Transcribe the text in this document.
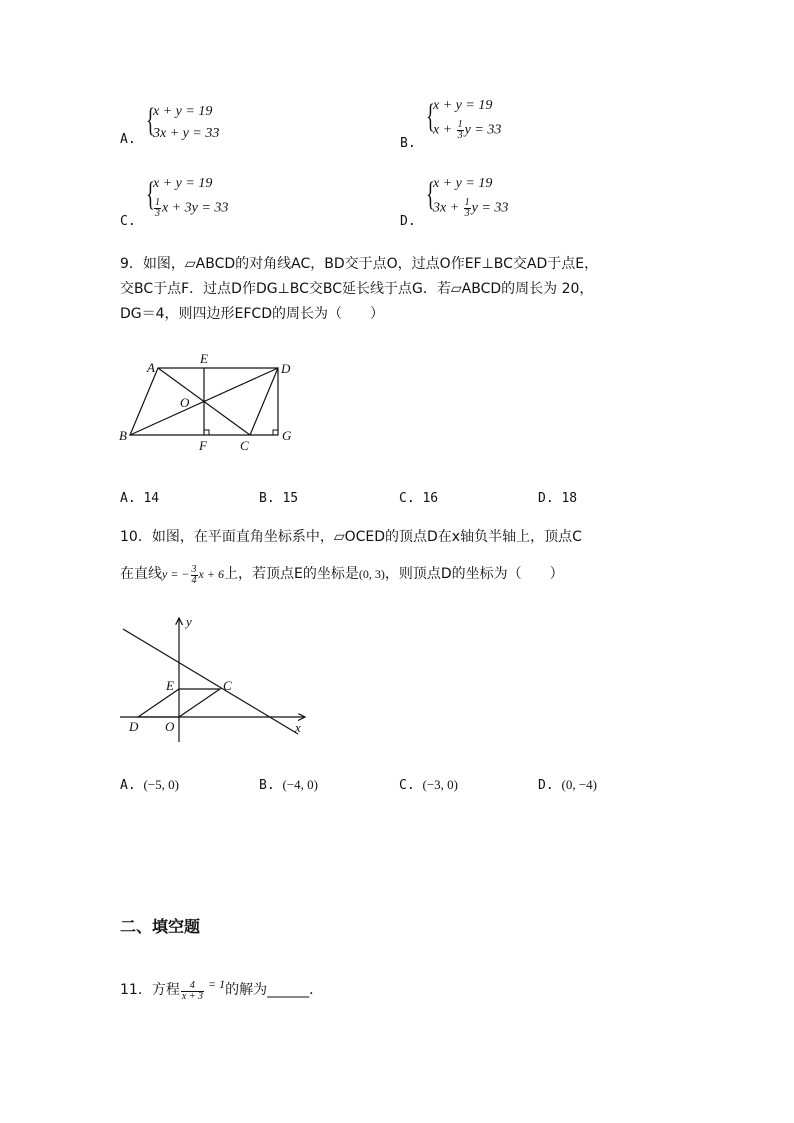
A.
{
x + y = 19
3x + y = 33
B.
{
x + y = 19
$x + \frac{1}{3}$ y = 33
C.
{
x + y = 19
$\frac{1}{3}$ x + 3y = 33
D.
{
x + y = 19
$3x + \frac{1}{3}$ y = 33
9．如图，▱ABCD的对角线AC，BD交于点O，过点O作EF⊥BC交AD于点E，
交BC于点F．过点D作DG⊥BC交BC延长线于点G．若▱ABCD的周长为 20，
DG＝4，则四边形EFCD的周长为（　　）
A
E
D
O
B
F	C
G
A. 14	B. 15	C. 16	D. 18
10．如图，在平面直角坐标系中，▱OCED的顶点D在x轴负半轴上，顶点C
在直线y = − $\frac{3}{4}$ x + 6上，若顶点E的坐标是(0, 3)，则顶点D的坐标为（　　）
y
x
E	C
D O
A. (−5, 0)	B. (−4, 0)	C. (−3, 0)	D. (0, −4)
二、填空题
11．方程 $\frac{4}{x + 3} = 1$的解为______．
